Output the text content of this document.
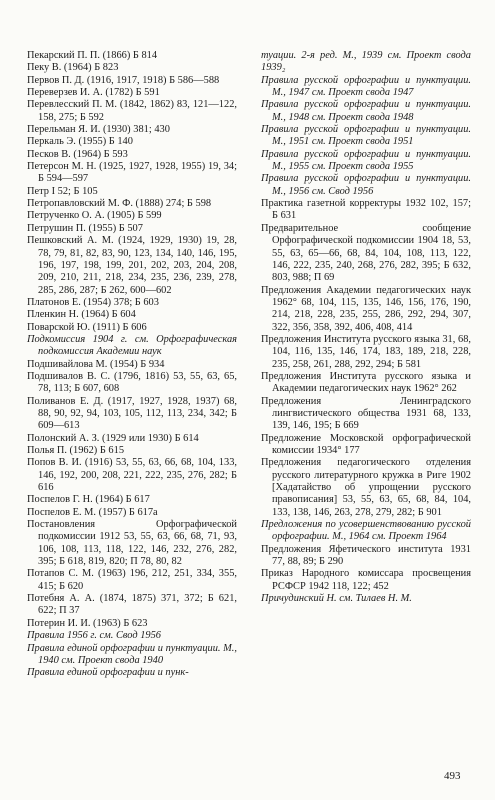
Пекарский П. П. (1866) Б 814

Пеку В. (1964) Б 823

Первов П. Д. (1916, 1917, 1918) Б 586—588

Переверзев И. А. (1782) Б 591

Перевлесский П. М. (1842, 1862) 83, 121—122, 158, 275; Б 592

Перельман Я. И. (1930) 381; 430

Перкаль Э. (1955) Б 140

Песков В. (1964) Б 593

Петерсон М. Н. (1925, 1927, 1928, 1955) 19, 34; Б 594—597

Петр I 52; Б 105

Петропавловский М. Ф. (1888) 274; Б 598

Петрученко О. А. (1905) Б 599

Петрушин П. (1955) Б 507

Пешковский А. М. (1924, 1929, 1930) 19, 28, 78, 79, 81, 82, 83, 90, 123, 134, 140, 146, 195, 196, 197, 198, 199, 201, 202, 203, 204, 208, 209, 210, 211, 218, 234, 235, 236, 239, 278, 285, 286, 287; Б 262, 600—602

Платонов Е. (1954) 378; Б 603

Пленкин Н. (1964) Б 604

Поварской Ю. (1911) Б 606

Подкомиссия 1904 г. см. Орфографическая подкомиссия Академии наук

Подшивайлова М. (1954) Б 934

Подшивалов В. С. (1796, 1816) 53, 55, 63, 65, 78, 113; Б 607, 608

Поливанов Е. Д. (1917, 1927, 1928, 1937) 68, 88, 90, 92, 94, 103, 105, 112, 113, 234, 342; Б 609—613

Полонский А. З. (1929 или 1930) Б 614

Полья П. (1962) Б 615

Попов В. И. (1916) 53, 55, 63, 66, 68, 104, 133, 146, 192, 200, 208, 221, 222, 235, 276, 282; Б 616

Поспелов Г. Н. (1964) Б 617

Поспелов Е. М. (1957) Б 617а

Постановления Орфографической подкомиссии 1912 53, 55, 63, 66, 68, 71, 93, 106, 108, 113, 118, 122, 146, 232, 276, 282, 395; Б 618, 819, 820; П 78, 80, 82

Потапов С. М. (1963) 196, 212, 251, 334, 355, 415; Б 620

Потебня А. А. (1874, 1875) 371, 372; Б 621, 622; П 37

Потерин И. И. (1963) Б 623

Правила 1956 г. см. Свод 1956

Правила единой орфографии и пунктуации. М., 1940 см. Проект свода 1940

Правила единой орфографии и пунк-

туации. 2-я ред. М., 1939 см. Проект свода 1939₂

Правила русской орфографии и пунктуации. М., 1947 см. Проект свода 1947

Правила русской орфографии и пунктуации. М., 1948 см. Проект свода 1948

Правила русской орфографии и пунктуации. М., 1951 см. Проект свода 1951

Правила русской орфографии и пунктуации. М., 1955 см. Проект свода 1955

Правила русской орфографии и пунктуации. М., 1956 см. Свод 1956

Практика газетной корректуры 1932 102, 157; Б 631

Предварительное сообщение Орфографической подкомиссии 1904 18, 53, 55, 63, 65—66, 68, 84, 104, 108, 113, 122, 146, 222, 235, 240, 268, 276, 282, 395; Б 632, 803, 988; П 69

Предложения Академии педагогических наук 1962° 68, 104, 115, 135, 146, 156, 176, 190, 214, 218, 228, 235, 255, 286, 292, 294, 307, 322, 356, 358, 392, 406, 408, 414

Предложения Института русского языка 31, 68, 104, 116, 135, 146, 174, 183, 189, 218, 228, 235, 258, 261, 288, 292, 294; Б 581

Предложения Института русского языка и Академии педагогических наук 1962° 262

Предложения Ленинградского лингвистического общества 1931 68, 133, 139, 146, 195; Б 669

Предложение Московской орфографической комиссии 1934° 177

Предложения педагогического отделения русского литературного кружка в Риге 1902 [Хадатайство об упрощении русского правописания] 53, 55, 63, 65, 68, 84, 104, 133, 138, 146, 263, 278, 279, 282; Б 901

Предложения по усовершенствованию русской орфографии. М., 1964 см. Проект 1964

Предложения Яфетического института 1931 77, 88, 89; Б 290

Приказ Народного комиссара просвещения РСФСР 1942 118, 122; 452

Причудинский Н. см. Тилаев Н. М.

493
